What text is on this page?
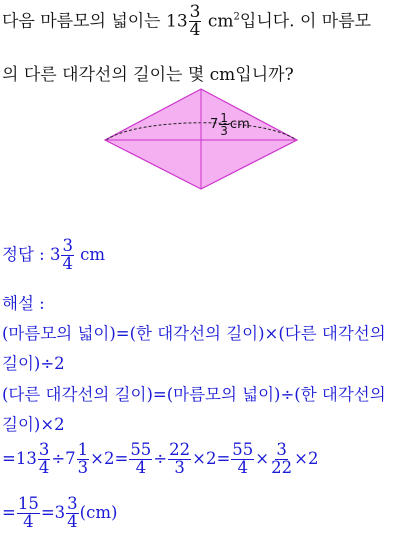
다음 마름모의 넓이는 $13 \frac{3}{4} cm^2$입니다. 이 마름모
의 다른 대각선의 길이는 몇 cm입니까?
$7 \frac{1}{3}$ cm
정답 : $3 \frac{3}{4}$ cm
해설 :
(마름모의 넓이)=(한 대각선의 길이)×(다른 대각선의
길이)÷2
(다른 대각선의 길이)=(마름모의 넓이)÷(한 대각선의
길이)×2
$=13 \frac{3}{4} \div 7 \frac{1}{3} \times 2= \frac{55}{4} \div \frac{22}{3} \times 2= \frac{55}{4} \times \frac{3}{22} \times 2$
= $\frac{15}{4} =3 \frac{3}{4} (cm)$
